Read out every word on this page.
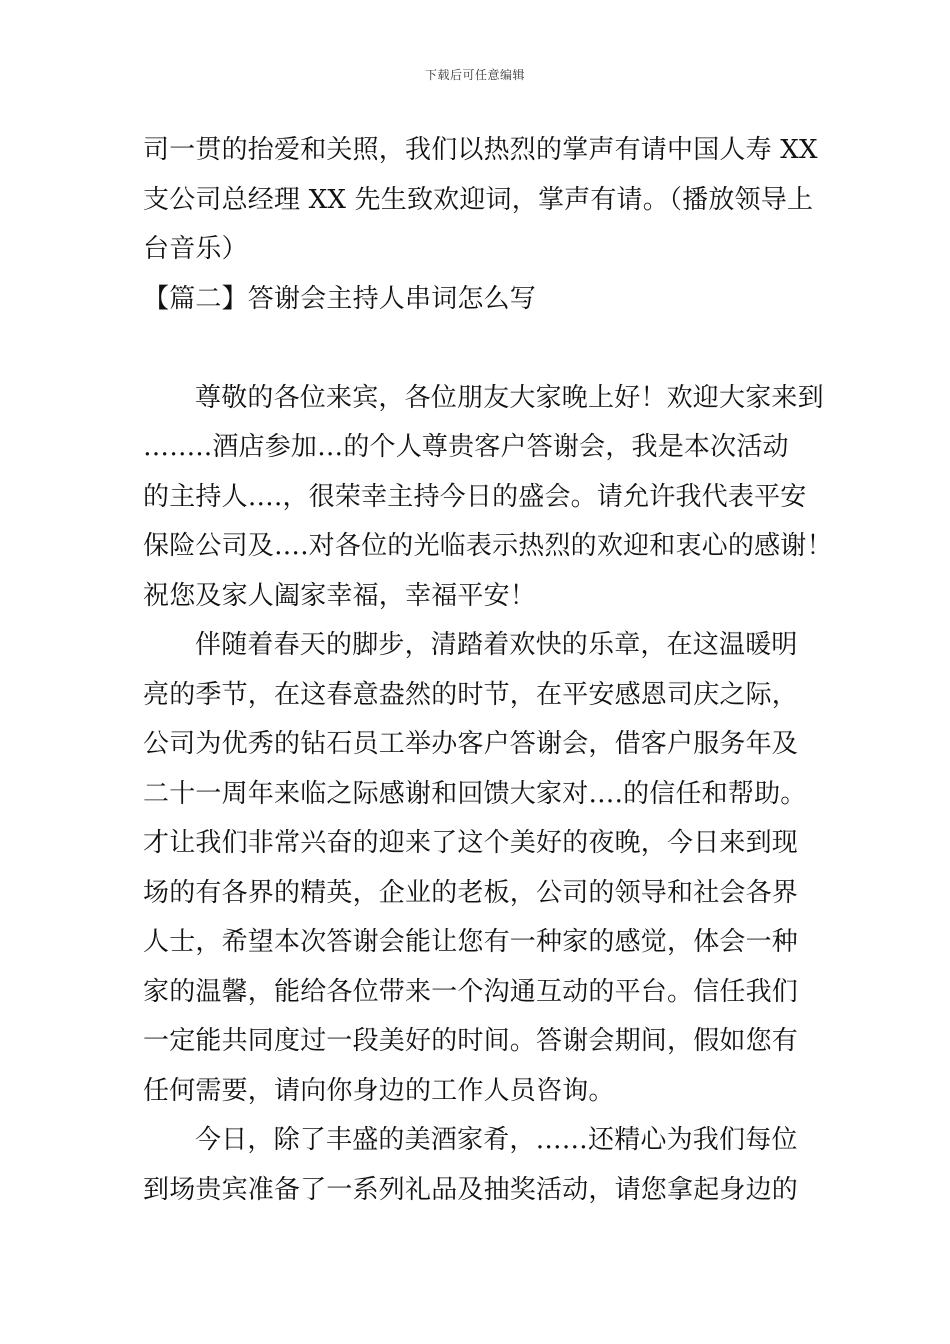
下载后可任意编辑
司一贯的抬爱和关照，我们以热烈的掌声有请中国人寿 XX
支公司总经理 XX 先生致欢迎词，掌声有请。（播放领导上
台音乐）
【篇二】答谢会主持人串词怎么写
尊敬的各位来宾，各位朋友大家晚上好！欢迎大家来到
……..酒店参加…的个人尊贵客户答谢会，我是本次活动
的主持人….，很荣幸主持今日的盛会。请允许我代表平安
保险公司及….对各位的光临表示热烈的欢迎和衷心的感谢！
祝您及家人阖家幸福，幸福平安！
伴随着春天的脚步，清踏着欢快的乐章，在这温暖明
亮的季节，在这春意盎然的时节，在平安感恩司庆之际，
公司为优秀的钻石员工举办客户答谢会，借客户服务年及
二十一周年来临之际感谢和回馈大家对….的信任和帮助。
才让我们非常兴奋的迎来了这个美好的夜晚，今日来到现
场的有各界的精英，企业的老板，公司的领导和社会各界
人士，希望本次答谢会能让您有一种家的感觉，体会一种
家的温馨，能给各位带来一个沟通互动的平台。信任我们
一定能共同度过一段美好的时间。答谢会期间，假如您有
任何需要，请向你身边的工作人员咨询。
今日，除了丰盛的美酒家肴，……还精心为我们每位
到场贵宾准备了一系列礼品及抽奖活动，请您拿起身边的
